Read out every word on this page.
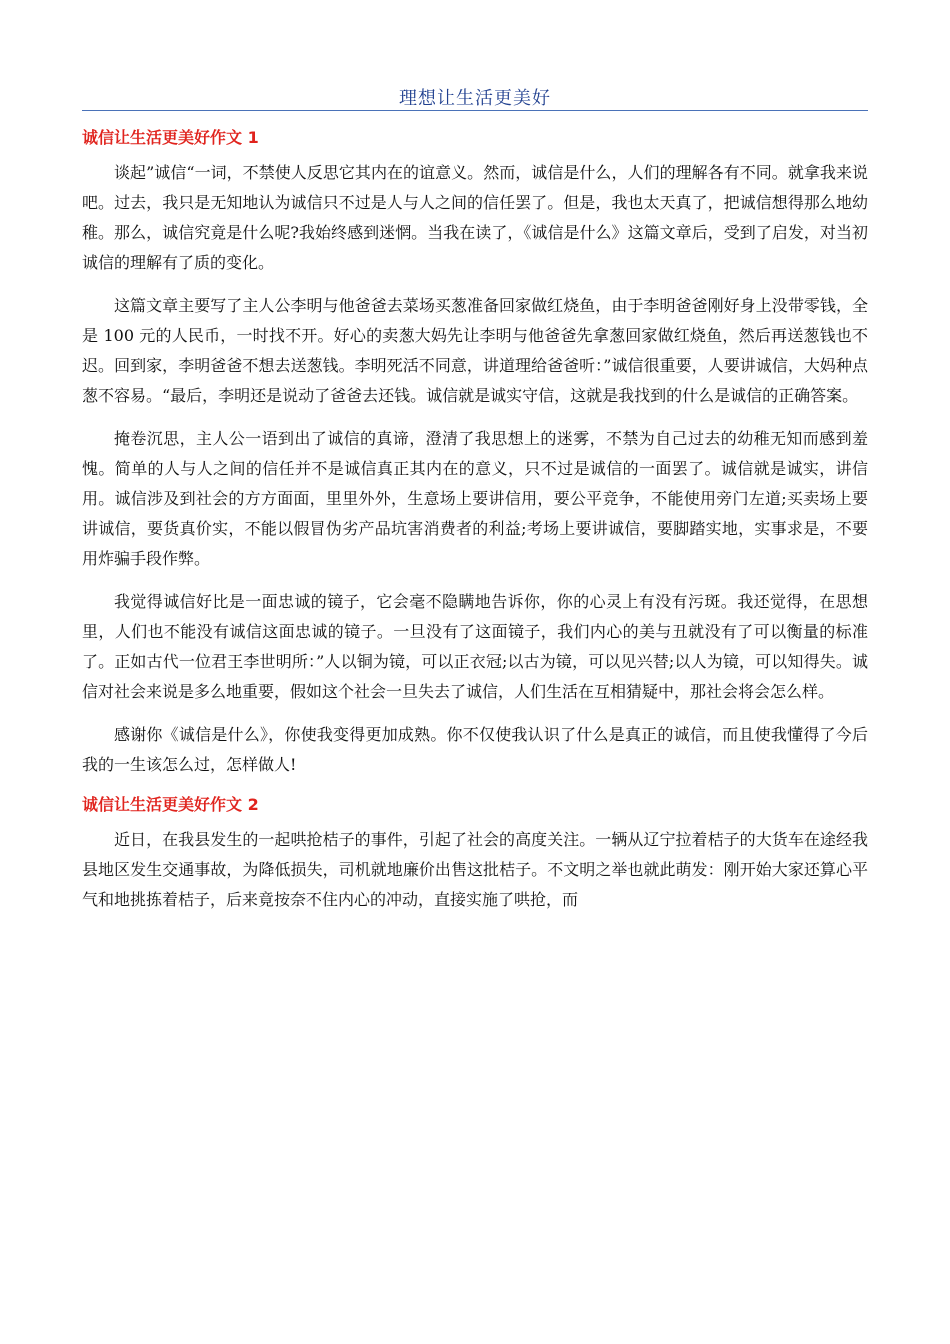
理想让生活更美好
诚信让生活更美好作文 1

谈起”诚信“一词，不禁使人反思它其内在的谊意义。然而，诚信是什么，人们的理解各有不同。就拿我来说吧。过去，我只是无知地认为诚信只不过是人与人之间的信任罢了。但是，我也太天真了，把诚信想得那么地幼稚。那么，诚信究竟是什么呢?我始终感到迷惘。当我在读了，《诚信是什么》这篇文章后，受到了启发，对当初诚信的理解有了质的变化。

这篇文章主要写了主人公李明与他爸爸去菜场买葱准备回家做红烧鱼，由于李明爸爸刚好身上没带零钱，全是 100 元的人民币，一时找不开。好心的卖葱大妈先让李明与他爸爸先拿葱回家做红烧鱼，然后再送葱钱也不迟。回到家，李明爸爸不想去送葱钱。李明死活不同意，讲道理给爸爸听：”诚信很重要，人要讲诚信，大妈种点葱不容易。“最后，李明还是说动了爸爸去还钱。诚信就是诚实守信，这就是我找到的什么是诚信的正确答案。

掩卷沉思，主人公一语到出了诚信的真谛，澄清了我思想上的迷雾，不禁为自己过去的幼稚无知而感到羞愧。简单的人与人之间的信任并不是诚信真正其内在的意义，只不过是诚信的一面罢了。诚信就是诚实，讲信用。诚信涉及到社会的方方面面，里里外外，生意场上要讲信用，要公平竞争，不能使用旁门左道;买卖场上要讲诚信，要货真价实，不能以假冒伪劣产品坑害消费者的利益;考场上要讲诚信，要脚踏实地，实事求是，不要用炸骗手段作弊。

我觉得诚信好比是一面忠诚的镜子，它会毫不隐瞒地告诉你，你的心灵上有没有污斑。我还觉得，在思想里，人们也不能没有诚信这面忠诚的镜子。一旦没有了这面镜子，我们内心的美与丑就没有了可以衡量的标准了。正如古代一位君王李世明所：”人以铜为镜，可以正衣冠;以古为镜，可以见兴替;以人为镜，可以知得失。诚信对社会来说是多么地重要，假如这个社会一旦失去了诚信，人们生活在互相猜疑中，那社会将会怎么样。

感谢你《诚信是什么》，你使我变得更加成熟。你不仅使我认识了什么是真正的诚信，而且使我懂得了今后我的一生该怎么过，怎样做人!

诚信让生活更美好作文 2

近日，在我县发生的一起哄抢桔子的事件，引起了社会的高度关注。一辆从辽宁拉着桔子的大货车在途经我县地区发生交通事故，为降低损失，司机就地廉价出售这批桔子。不文明之举也就此萌发：刚开始大家还算心平气和地挑拣着桔子，后来竟按奈不住内心的冲动，直接实施了哄抢，而
